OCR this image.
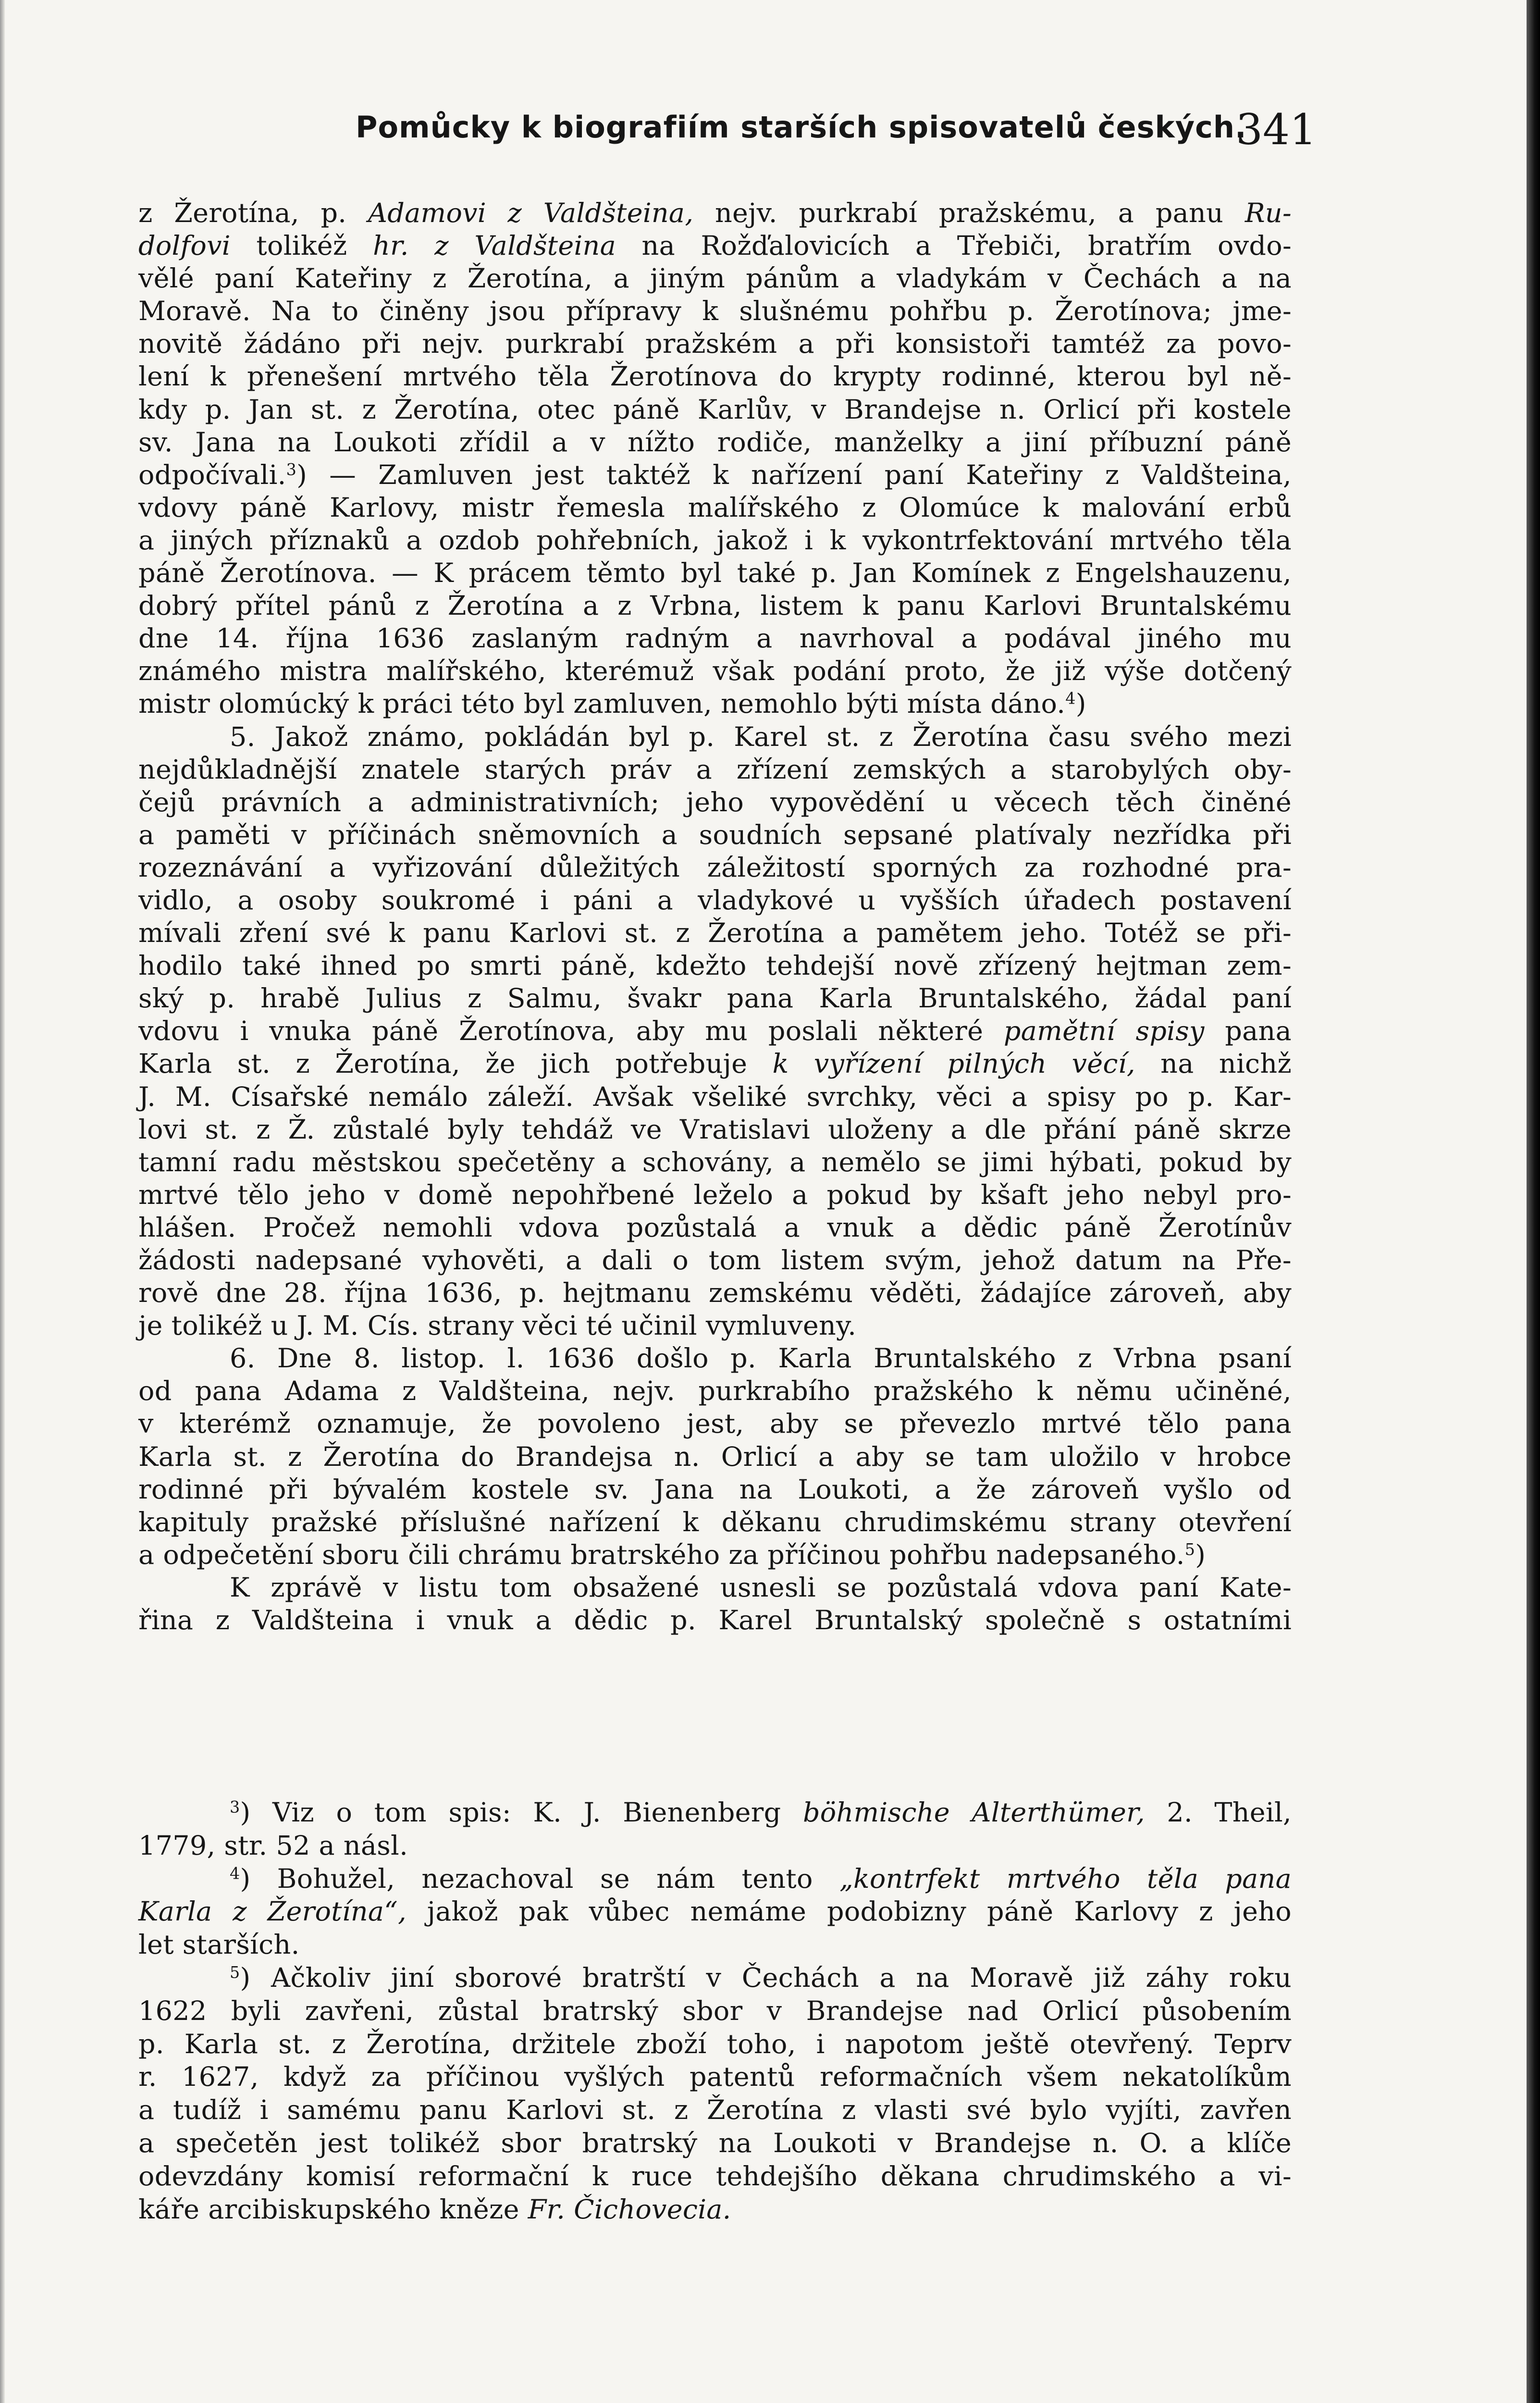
Pomůcky k biografiím starších spisovatelů českých.
341
z Žerotína, p. Adamovi z Valdšteina, nejv. purkrabí pražskému, a panu Ru-
dolfovi tolikéž hr. z Valdšteina na Rožďalovicích a Třebiči, bratřím ovdo-
vělé paní Kateřiny z Žerotína, a jiným pánům a vladykám v Čechách a na
Moravě. Na to činěny jsou přípravy k slušnému pohřbu p. Žerotínova; jme-
novitě žádáno při nejv. purkrabí pražském a při konsistoři tamtéž za povo-
lení k přenešení mrtvého těla Žerotínova do krypty rodinné, kterou byl ně-
kdy p. Jan st. z Žerotína, otec páně Karlův, v Brandejse n. Orlicí při kostele
sv. Jana na Loukoti zřídil a v nížto rodiče, manželky a jiní příbuzní páně
odpočívali.$^3$) — Zamluven jest taktéž k nařízení paní Kateřiny z Valdšteina,
vdovy páně Karlovy, mistr řemesla malířského z Olomúce k malování erbů
a jiných příznaků a ozdob pohřebních, jakož i k vykontrfektování mrtvého těla
páně Žerotínova. — K prácem těmto byl také p. Jan Komínek z Engelshauzenu,
dobrý přítel pánů z Žerotína a z Vrbna, listem k panu Karlovi Bruntalskému
dne 14. října 1636 zaslaným radným a navrhoval a podával jiného mu
známého mistra malířského, kterémuž však podání proto, že již výše dotčený
mistr olomúcký k práci této byl zamluven, nemohlo býti místa dáno.$^4$)
5. Jakož známo, pokládán byl p. Karel st. z Žerotína času svého mezi
nejdůkladnější znatele starých práv a zřízení zemských a starobylých oby-
čejů právních a administrativních; jeho vypovědění u věcech těch činěné
a paměti v příčinách sněmovních a soudních sepsané platívaly nezřídka při
rozeznávání a vyřizování důležitých záležitostí sporných za rozhodné pra-
vidlo, a osoby soukromé i páni a vladykové u vyšších úřadech postavení
mívali zření své k panu Karlovi st. z Žerotína a pamětem jeho. Totéž se při-
hodilo také ihned po smrti páně, kdežto tehdejší nově zřízený hejtman zem-
ský p. hrabě Julius z Salmu, švakr pana Karla Bruntalského, žádal paní
vdovu i vnuka páně Žerotínova, aby mu poslali některé pamětní spisy pana
Karla st. z Žerotína, že jich potřebuje k vyřízení pilných věcí, na nichž
J. M. Císařské nemálo záleží. Avšak všeliké svrchky, věci a spisy po p. Kar-
lovi st. z Ž. zůstalé byly tehdáž ve Vratislavi uloženy a dle přání páně skrze
tamní radu městskou spečetěny a schovány, a nemělo se jimi hýbati, pokud by
mrtvé tělo jeho v domě nepohřbené leželo a pokud by kšaft jeho nebyl pro-
hlášen. Pročež nemohli vdova pozůstalá a vnuk a dědic páně Žerotínův
žádosti nadepsané vyhověti, a dali o tom listem svým, jehož datum na Pře-
rově dne 28. října 1636, p. hejtmanu zemskému věděti, žádajíce zároveň, aby
je tolikéž u J. M. Cís. strany věci té učinil vymluveny.
6. Dne 8. listop. l. 1636 došlo p. Karla Bruntalského z Vrbna psaní
od pana Adama z Valdšteina, nejv. purkrabího pražského k němu učiněné,
v kterémž oznamuje, že povoleno jest, aby se převezlo mrtvé tělo pana
Karla st. z Žerotína do Brandejsa n. Orlicí a aby se tam uložilo v hrobce
rodinné při bývalém kostele sv. Jana na Loukoti, a že zároveň vyšlo od
kapituly pražské příslušné nařízení k děkanu chrudimskému strany otevření
a odpečetění sboru čili chrámu bratrského za příčinou pohřbu nadepsaného.$^5$)
K zprávě v listu tom obsažené usnesli se pozůstalá vdova paní Kate-
řina z Valdšteina i vnuk a dědic p. Karel Bruntalský společně s ostatními
$^3$) Viz o tom spis: K. J. Bienenberg böhmische Alterthümer, 2. Theil,
1779, str. 52 a násl.
$^4$) Bohužel, nezachoval se nám tento „kontrfekt mrtvého těla pana
Karla z Žerotína“, jakož pak vůbec nemáme podobizny páně Karlovy z jeho
let starších.
$^5$) Ačkoliv jiní sborové bratrští v Čechách a na Moravě již záhy roku
1622 byli zavřeni, zůstal bratrský sbor v Brandejse nad Orlicí působením
p. Karla st. z Žerotína, držitele zboží toho, i napotom ještě otevřený. Teprv
r. 1627, když za příčinou vyšlých patentů reformačních všem nekatolíkům
a tudíž i samému panu Karlovi st. z Žerotína z vlasti své bylo vyjíti, zavřen
a spečetěn jest tolikéž sbor bratrský na Loukoti v Brandejse n. O. a klíče
odevzdány komisí reformační k ruce tehdejšího děkana chrudimského a vi-
káře arcibiskupského kněze Fr. Čichovecia.
